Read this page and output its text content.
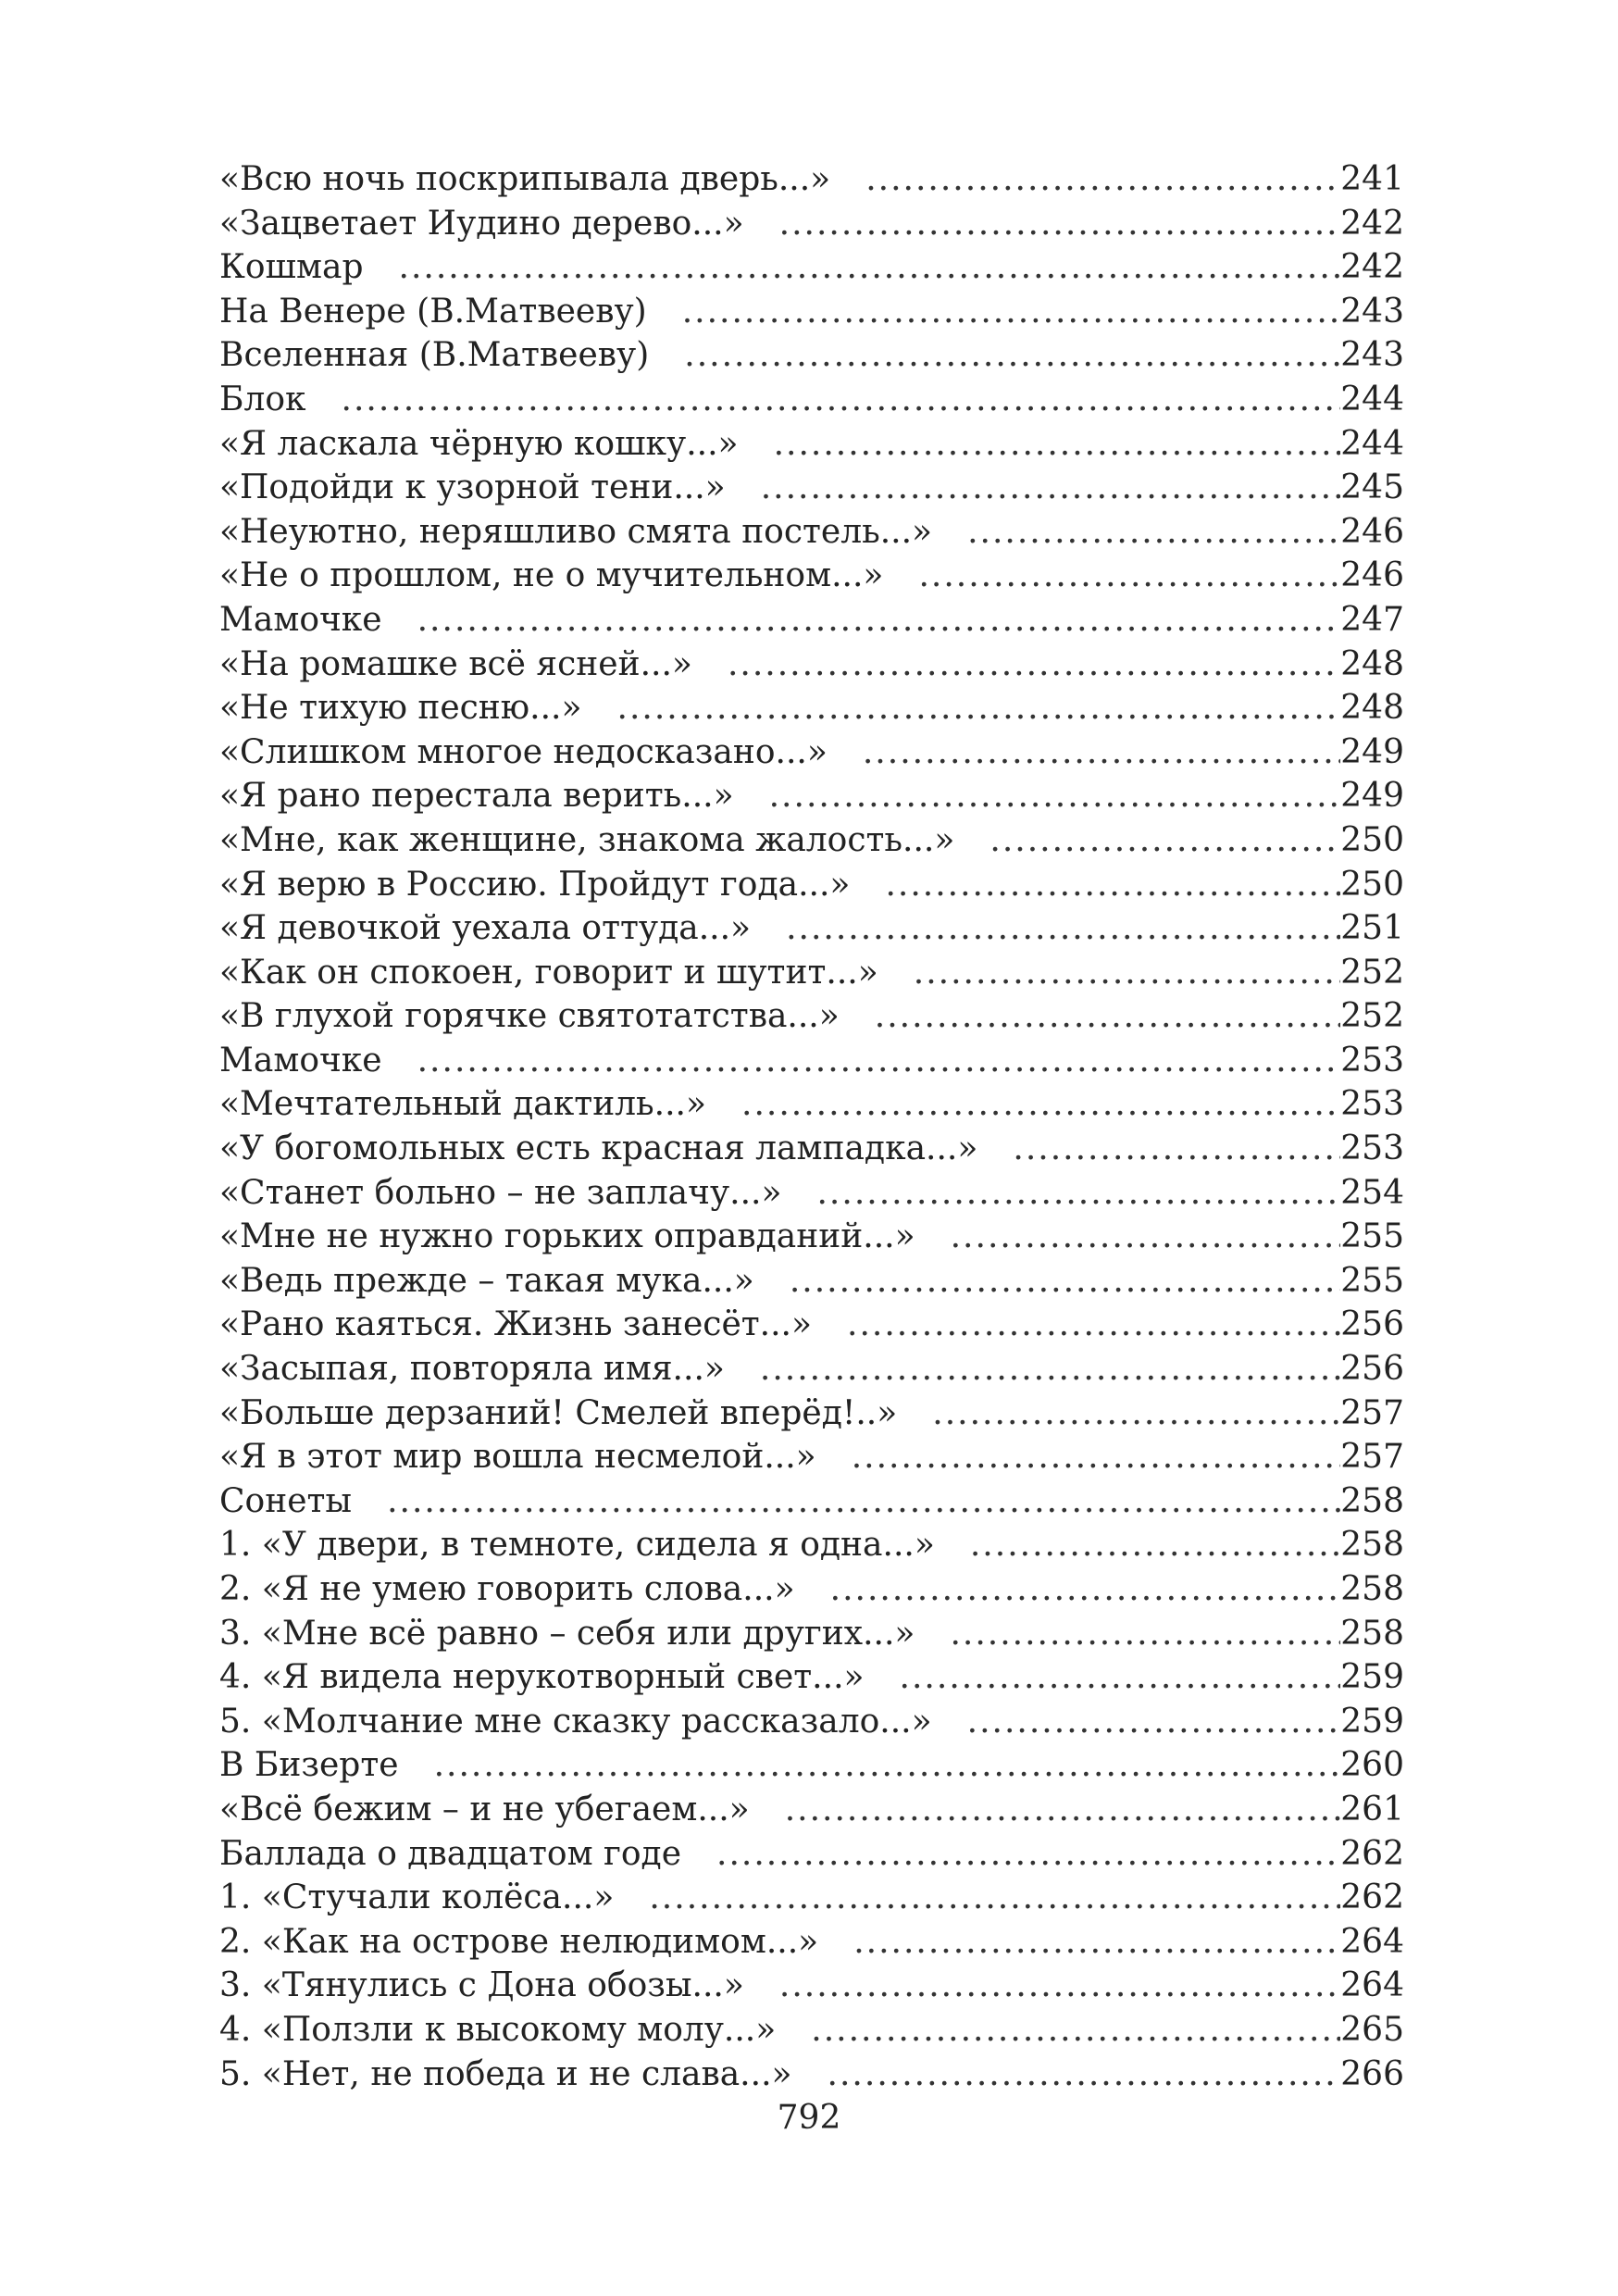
«Всю ночь поскрипывала дверь...» .....	241
«Зацветает Иудино дерево...» .....	242
Кошмар .....	242
На Венере (В.Матвееву) .....	243
Вселенная (В.Матвееву) .....	243
Блок .....	244
«Я ласкала чёрную кошку...» .....	244
«Подойди к узорной тени...» .....	245
«Неуютно, неряшливо смята постель...» .....	246
«Не о прошлом, не о мучительном...» .....	246
Мамочке .....	247
«На ромашке всё ясней...» .....	248
«Не тихую песню...» .....	248
«Слишком многое недосказано...» .....	249
«Я рано перестала верить...» .....	249
«Мне, как женщине, знакома жалость...» .....	250
«Я верю в Россию. Пройдут года...» .....	250
«Я девочкой уехала оттуда...» .....	251
«Как он спокоен, говорит и шутит...» .....	252
«В глухой горячке святотатства...» .....	252
Мамочке .....	253
«Мечтательный дактиль...» .....	253
«У богомольных есть красная лампадка...» .....	253
«Станет больно – не заплачу...» .....	254
«Мне не нужно горьких оправданий...» .....	255
«Ведь прежде – такая мука...» .....	255
«Рано каяться. Жизнь занесёт...» .....	256
«Засыпая, повторяла имя...» .....	256
«Больше дерзаний! Смелей вперёд!..» .....	257
«Я в этот мир вошла несмелой...» .....	257
Сонеты .....	258
1. «У двери, в темноте, сидела я одна...» .....	258
2. «Я не умею говорить слова...» .....	258
3. «Мне всё равно – себя или других...» .....	258
4. «Я видела нерукотворный свет...» .....	259
5. «Молчание мне сказку рассказало...» .....	259
В Бизерте .....	260
«Всё бежим – и не убегаем...» .....	261
Баллада о двадцатом годе .....	262
1. «Стучали колёса...» .....	262
2. «Как на острове нелюдимом...» .....	264
3. «Тянулись с Дона обозы...» .....	264
4. «Ползли к высокому молу...» .....	265
5. «Нет, не победа и не слава...» .....	266
792
